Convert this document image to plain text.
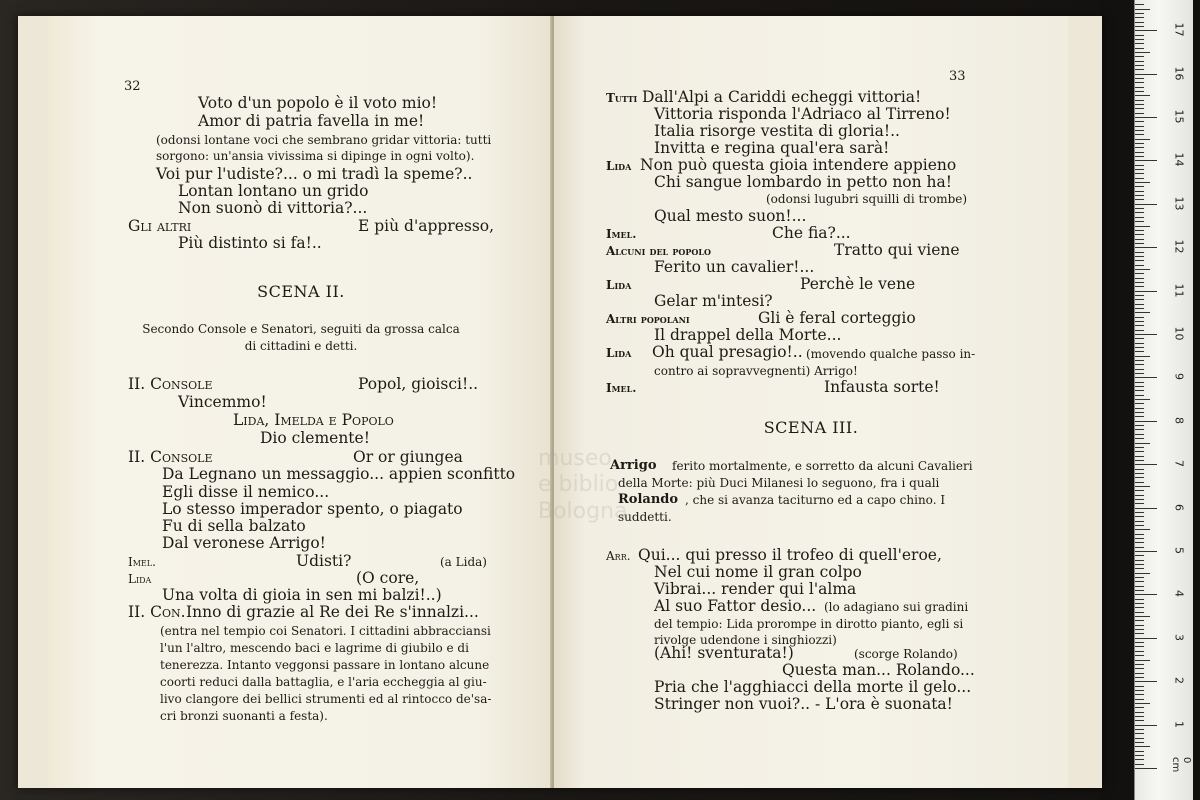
32
Voto d'un popolo è il voto mio!
Amor di patria favella in me!
(odonsi lontane voci che sembrano gridar vittoria: tutti
sorgono: un'ansia vivissima si dipinge in ogni volto).
Voi pur l'udiste?... o mi tradì la speme?..
Lontan lontano un grido
Non suonò di vittoria?...
Gli altri	E più d'appresso,
Più distinto si fa!..
SCENA II.
Secondo Console e Senatori, seguiti da grossa calca
di cittadini e detti.
II. Console	Popol, gioisci!..
Vincemmo!
Lida, Imelda e Popolo
Dio clemente!
II. Console	Or or giungea
Da Legnano un messaggio... appien sconfitto
Egli disse il nemico...
Lo stesso imperador spento, o piagato
Fu di sella balzato
Dal veronese Arrigo!
Imel.	Udisti?	(a Lida)
Lida	(O core,
Una volta di gioia in sen mi balzi!..)
II. Con. Inno di grazie al Re dei Re s'innalzi...
(entra nel tempio coi Senatori. I cittadini abbracciansi
l'un l'altro, mescendo baci e lagrime di giubilo e di
tenerezza. Intanto veggonsi passare in lontano alcune
coorti reduci dalla battaglia, e l'aria eccheggia al giu-
livo clangore dei bellici strumenti ed al rintocco de'sa-
cri bronzi suonanti a festa).
33
Tutti Dall'Alpi a Cariddi echeggi vittoria!
Vittoria risponda l'Adriaco al Tirreno!
Italia risorge vestita di gloria!..
Invitta e regina qual'era sarà!
Lida Non può questa gioia intendere appieno
Chi sangue lombardo in petto non ha!
(odonsi lugubri squilli di trombe)
Qual mesto suon!...
Imel.	Che fia?...
Alcuni del popolo	Tratto qui viene
Ferito un cavalier!...
Lida	Perchè le vene
Gelar m'intesi?
Altri popolani	Gli è feral corteggio
Il drappel della Morte...
Lida Oh qual presagio!.. (movendo qualche passo in-
contro ai sopravvegnenti) Arrigo!
Imel.	Infausta sorte!
SCENA III.
Arrigo ferito mortalmente, e sorretto da alcuni Cavalieri
della Morte: più Duci Milanesi lo seguono, fra i quali
Rolando , che si avanza taciturno ed a capo chino. I
suddetti.
Arr. Qui... qui presso il trofeo di quell'eroe,
Nel cui nome il gran colpo
Vibrai... render qui l'alma
Al suo Fattor desio... (lo adagiano sui gradini
del tempio: Lida prorompe in dirotto pianto, egli si
rivolge udendone i singhiozzi)
(Ahi! sventurata!)	(scorge Rolando)
Questa man... Rolando...
Pria che l'agghiacci della morte il gelo...
Stringer non vuoi?.. - L'ora è suonata!
museo
e biblio
Bologna
17
16
15
14
13
12
11
10
9
8
7
6
5
4
3
2
1
0 cm
